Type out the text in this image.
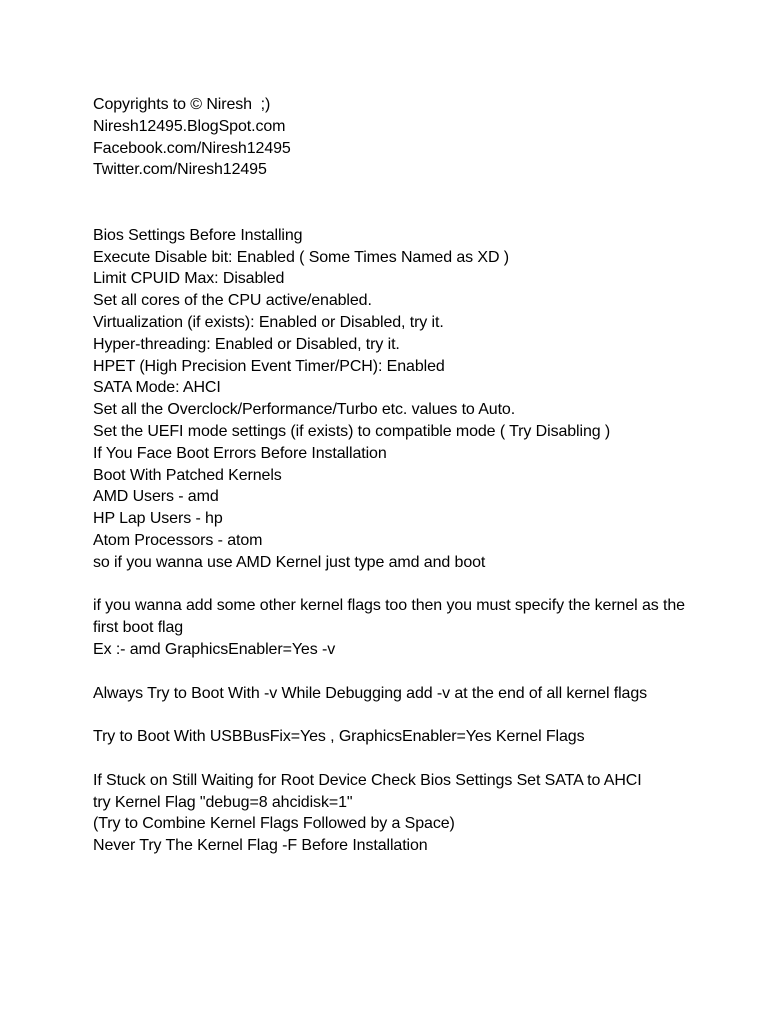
Copyrights to © Niresh  ;)
Niresh12495.BlogSpot.com
Facebook.com/Niresh12495
Twitter.com/Niresh12495
Bios Settings Before Installing
Execute Disable bit: Enabled ( Some Times Named as XD )
Limit CPUID Max: Disabled
Set all cores of the CPU active/enabled.
Virtualization (if exists): Enabled or Disabled, try it.
Hyper-threading: Enabled or Disabled, try it.
HPET (High Precision Event Timer/PCH): Enabled
SATA Mode: AHCI
Set all the Overclock/Performance/Turbo etc. values to Auto.
Set the UEFI mode settings (if exists) to compatible mode ( Try Disabling )
If You Face Boot Errors Before Installation
Boot With Patched Kernels
AMD Users - amd
HP Lap Users - hp
Atom Processors - atom
so if you wanna use AMD Kernel just type amd and boot
if you wanna add some other kernel flags too then you must specify the kernel as the first boot flag
Ex :- amd GraphicsEnabler=Yes -v
Always Try to Boot With -v While Debugging add -v at the end of all kernel flags
Try to Boot With USBBusFix=Yes , GraphicsEnabler=Yes Kernel Flags
If Stuck on Still Waiting for Root Device Check Bios Settings Set SATA to AHCI
try Kernel Flag "debug=8 ahcidisk=1"
(Try to Combine Kernel Flags Followed by a Space)
Never Try The Kernel Flag -F Before Installation
